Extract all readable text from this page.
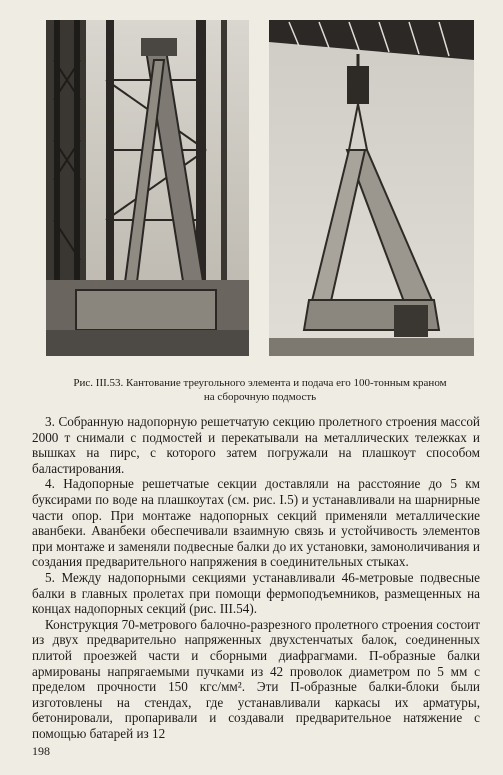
Рис. III.53. Кантование треугольного элемента и подача его 100-тонным краном
на сборочную подмость

3. Собранную надопорную решетчатую секцию пролетного строения массой 2000 т снимали с подмостей и перекатывали на металлических тележках и вышках на пирс, с которого затем погружали на плашкоут способом баластирования.

4. Надопорные решетчатые секции доставляли на расстояние до 5 км буксирами по воде на плашкоутах (см. рис. I.5) и устанавливали на шарнирные части опор. При монтаже надопорных секций применяли металлические аванбеки. Аванбеки обеспечивали взаимную связь и устойчивость элементов при монтаже и заменяли подвесные балки до их установки, замоноличивания и создания предварительного напряжения в соединительных стыках.

5. Между надопорными секциями устанавливали 46-метровые подвесные балки в главных пролетах при помощи фермоподъемников, размещенных на концах надопорных секций (рис. III.54).

Конструкция 70-метрового балочно-разрезного пролетного строения состоит из двух предварительно напряженных двухстенчатых балок, соединенных плитой проезжей части и сборными диафрагмами. П-образные балки армированы напрягаемыми пучками из 42 проволок диаметром по 5 мм с пределом прочности 150 кгс/мм². Эти П-образные балки-блоки были изготовлены на стендах, где устанавливали каркасы их арматуры, бетонировали, пропаривали и создавали предварительное натяжение с помощью батарей из 12

198
